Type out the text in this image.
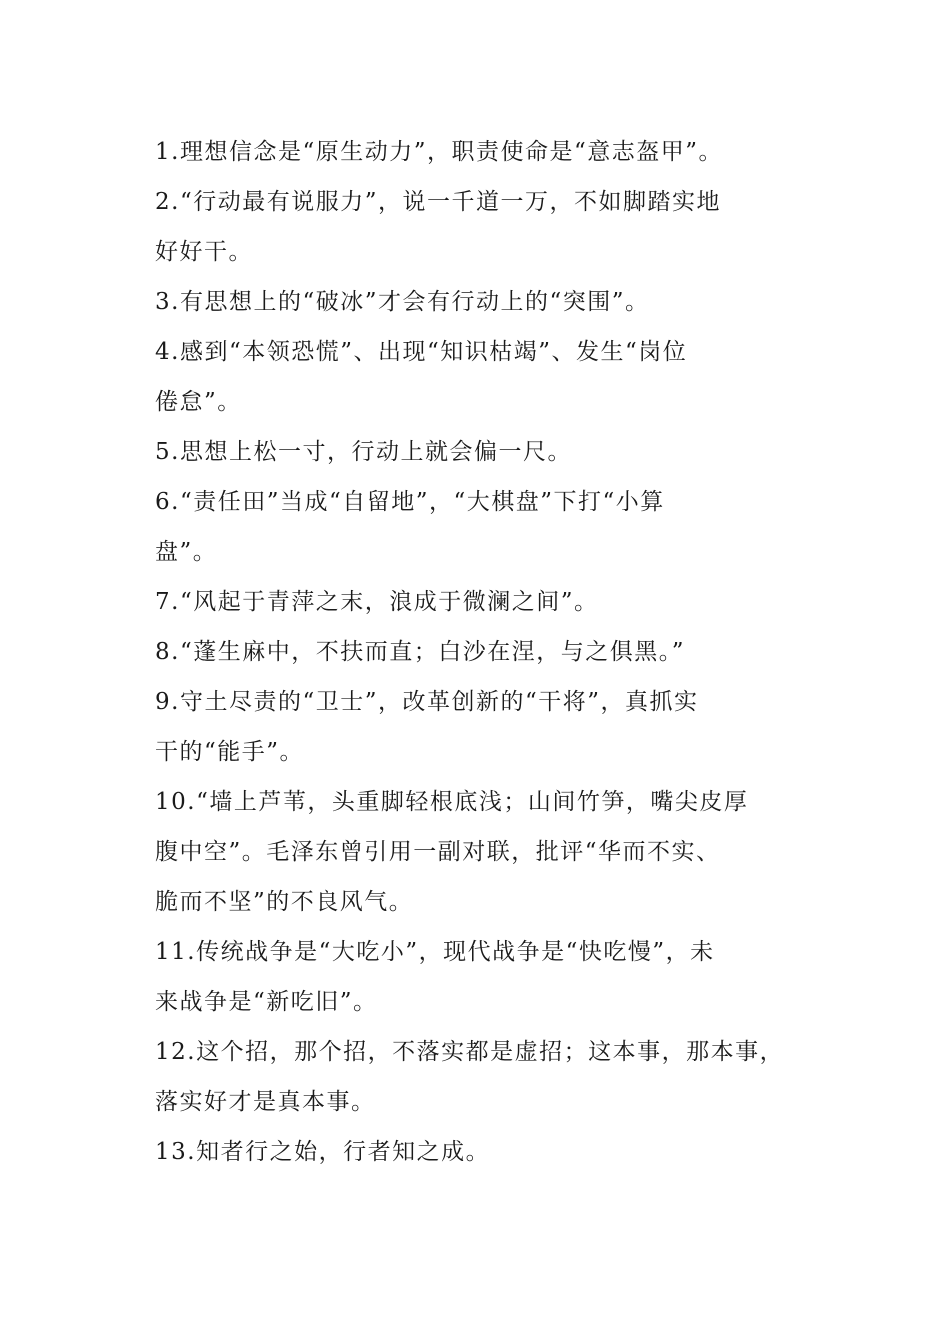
1.理想信念是“原生动力”，职责使命是“意志盔甲”。

2.“行动最有说服力”，说一千道一万，不如脚踏实地
好好干。

3.有思想上的“破冰”才会有行动上的“突围”。

4.感到“本领恐慌”、出现“知识枯竭”、发生“岗位
倦怠”。

5.思想上松一寸，行动上就会偏一尺。

6.“责任田”当成“自留地”，“大棋盘”下打“小算
盘”。

7.“风起于青萍之末，浪成于微澜之间”。

8.“蓬生麻中，不扶而直；白沙在涅，与之俱黑。”

9.守土尽责的“卫士”，改革创新的“干将”，真抓实
干的“能手”。

10.“墙上芦苇，头重脚轻根底浅；山间竹笋，嘴尖皮厚
腹中空”。毛泽东曾引用一副对联，批评“华而不实、
脆而不坚”的不良风气。

11.传统战争是“大吃小”，现代战争是“快吃慢”，未
来战争是“新吃旧”。

12.这个招，那个招，不落实都是虚招；这本事，那本事，
落实好才是真本事。

13.知者行之始，行者知之成。
